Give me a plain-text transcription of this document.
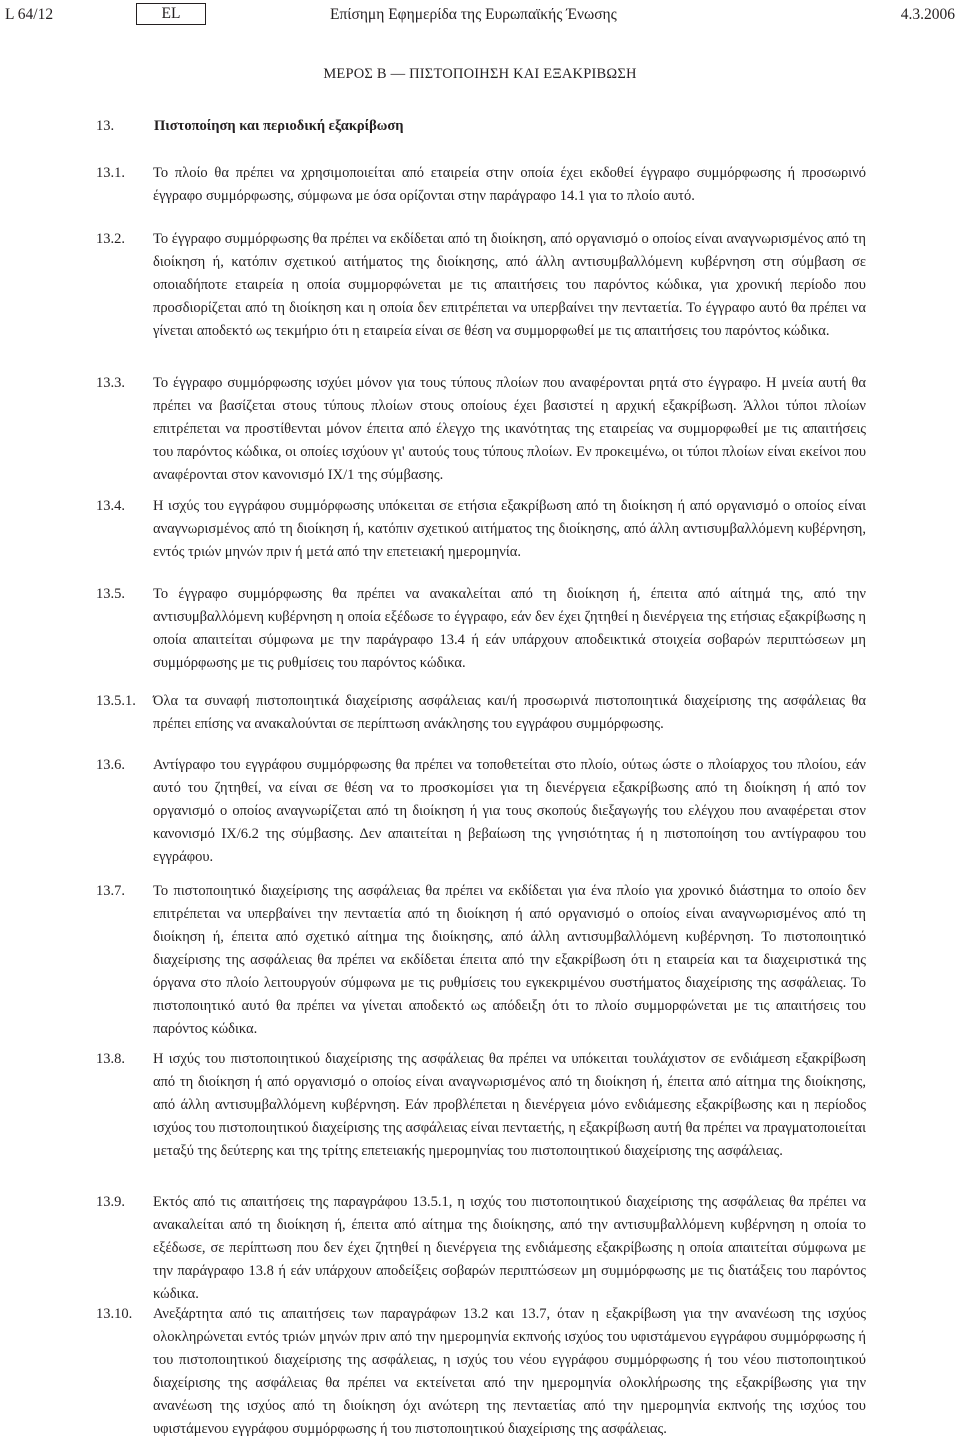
L 64/12	EL	Επίσημη Εφημερίδα της Ευρωπαϊκής Ένωσης	4.3.2006
ΜΕΡΟΣ Β — ΠΙΣΤΟΠΟΙΗΣΗ ΚΑΙ ΕΞΑΚΡΙΒΩΣΗ
13.	Πιστοποίηση και περιοδική εξακρίβωση
13.1. Το πλοίο θα πρέπει να χρησιμοποιείται από εταιρεία στην οποία έχει εκδοθεί έγγραφο συμμόρφωσης ή προσωρινό έγγραφο συμμόρφωσης, σύμφωνα με όσα ορίζονται στην παράγραφο 14.1 για το πλοίο αυτό.
13.2. Το έγγραφο συμμόρφωσης θα πρέπει να εκδίδεται από τη διοίκηση, από οργανισμό ο οποίος είναι αναγνωρισμένος από τη διοίκηση ή, κατόπιν σχετικού αιτήματος της διοίκησης, από άλλη αντισυμβαλλόμενη κυβέρνηση στη σύμβαση σε οποιαδήποτε εταιρεία η οποία συμμορφώνεται με τις απαιτήσεις του παρόντος κώδικα, για χρονική περίοδο που προσδιορίζεται από τη διοίκηση και η οποία δεν επιτρέπεται να υπερβαίνει την πενταετία. Το έγγραφο αυτό θα πρέπει να γίνεται αποδεκτό ως τεκμήριο ότι η εταιρεία είναι σε θέση να συμμορφωθεί με τις απαιτήσεις του παρόντος κώδικα.
13.3. Το έγγραφο συμμόρφωσης ισχύει μόνον για τους τύπους πλοίων που αναφέρονται ρητά στο έγγραφο. Η μνεία αυτή θα πρέπει να βασίζεται στους τύπους πλοίων στους οποίους έχει βασιστεί η αρχική εξακρίβωση. Άλλοι τύποι πλοίων επιτρέπεται να προστίθενται μόνον έπειτα από έλεγχο της ικανότητας της εταιρείας να συμμορφωθεί με τις απαιτήσεις του παρόντος κώδικα, οι οποίες ισχύουν γι' αυτούς τους τύπους πλοίων. Εν προκειμένω, οι τύποι πλοίων είναι εκείνοι που αναφέρονται στον κανονισμό IX/1 της σύμβασης.
13.4. Η ισχύς του εγγράφου συμμόρφωσης υπόκειται σε ετήσια εξακρίβωση από τη διοίκηση ή από οργανισμό ο οποίος είναι αναγνωρισμένος από τη διοίκηση ή, κατόπιν σχετικού αιτήματος της διοίκησης, από άλλη αντισυμβαλλόμενη κυβέρνηση, εντός τριών μηνών πριν ή μετά από την επετειακή ημερομηνία.
13.5. Το έγγραφο συμμόρφωσης θα πρέπει να ανακαλείται από τη διοίκηση ή, έπειτα από αίτημά της, από την αντισυμβαλλόμενη κυβέρνηση η οποία εξέδωσε το έγγραφο, εάν δεν έχει ζητηθεί η διενέργεια της ετήσιας εξακρίβωσης η οποία απαιτείται σύμφωνα με την παράγραφο 13.4 ή εάν υπάρχουν αποδεικτικά στοιχεία σοβαρών περιπτώσεων μη συμμόρφωσης με τις ρυθμίσεις του παρόντος κώδικα.
13.5.1. Όλα τα συναφή πιστοποιητικά διαχείρισης ασφάλειας και/ή προσωρινά πιστοποιητικά διαχείρισης της ασφάλειας θα πρέπει επίσης να ανακαλούνται σε περίπτωση ανάκλησης του εγγράφου συμμόρφωσης.
13.6. Αντίγραφο του εγγράφου συμμόρφωσης θα πρέπει να τοποθετείται στο πλοίο, ούτως ώστε ο πλοίαρχος του πλοίου, εάν αυτό του ζητηθεί, να είναι σε θέση να το προσκομίσει για τη διενέργεια εξακρίβωσης από τη διοίκηση ή από τον οργανισμό ο οποίος αναγνωρίζεται από τη διοίκηση ή για τους σκοπούς διεξαγωγής του ελέγχου που αναφέρεται στον κανονισμό IX/6.2 της σύμβασης. Δεν απαιτείται η βεβαίωση της γνησιότητας ή η πιστοποίηση του αντίγραφου του εγγράφου.
13.7. Το πιστοποιητικό διαχείρισης της ασφάλειας θα πρέπει να εκδίδεται για ένα πλοίο για χρονικό διάστημα το οποίο δεν επιτρέπεται να υπερβαίνει την πενταετία από τη διοίκηση ή από οργανισμό ο οποίος είναι αναγνωρισμένος από τη διοίκηση ή, έπειτα από σχετικό αίτημα της διοίκησης, από άλλη αντισυμβαλλόμενη κυβέρνηση. Το πιστοποιητικό διαχείρισης της ασφάλειας θα πρέπει να εκδίδεται έπειτα από την εξακρίβωση ότι η εταιρεία και τα διαχειριστικά της όργανα στο πλοίο λειτουργούν σύμφωνα με τις ρυθμίσεις του εγκεκριμένου συστήματος διαχείρισης της ασφάλειας. Το πιστοποιητικό αυτό θα πρέπει να γίνεται αποδεκτό ως απόδειξη ότι το πλοίο συμμορφώνεται με τις απαιτήσεις του παρόντος κώδικα.
13.8. Η ισχύς του πιστοποιητικού διαχείρισης της ασφάλειας θα πρέπει να υπόκειται τουλάχιστον σε ενδιάμεση εξακρίβωση από τη διοίκηση ή από οργανισμό ο οποίος είναι αναγνωρισμένος από τη διοίκηση ή, έπειτα από αίτημα της διοίκησης, από άλλη αντισυμβαλλόμενη κυβέρνηση. Εάν προβλέπεται η διενέργεια μόνο ενδιάμεσης εξακρίβωσης και η περίοδος ισχύος του πιστοποιητικού διαχείρισης της ασφάλειας είναι πενταετής, η εξακρίβωση αυτή θα πρέπει να πραγματοποιείται μεταξύ της δεύτερης και της τρίτης επετειακής ημερομηνίας του πιστοποιητικού διαχείρισης της ασφάλειας.
13.9. Εκτός από τις απαιτήσεις της παραγράφου 13.5.1, η ισχύς του πιστοποιητικού διαχείρισης της ασφάλειας θα πρέπει να ανακαλείται από τη διοίκηση ή, έπειτα από αίτημα της διοίκησης, από την αντισυμβαλλόμενη κυβέρνηση η οποία το εξέδωσε, σε περίπτωση που δεν έχει ζητηθεί η διενέργεια της ενδιάμεσης εξακρίβωσης η οποία απαιτείται σύμφωνα με την παράγραφο 13.8 ή εάν υπάρχουν αποδείξεις σοβαρών περιπτώσεων μη συμμόρφωσης με τις διατάξεις του παρόντος κώδικα.
13.10. Ανεξάρτητα από τις απαιτήσεις των παραγράφων 13.2 και 13.7, όταν η εξακρίβωση για την ανανέωση της ισχύος ολοκληρώνεται εντός τριών μηνών πριν από την ημερομηνία εκπνοής ισχύος του υφιστάμενου εγγράφου συμμόρφωσης ή του πιστοποιητικού διαχείρισης της ασφάλειας, η ισχύς του νέου εγγράφου συμμόρφωσης ή του νέου πιστοποιητικού διαχείρισης της ασφάλειας θα πρέπει να εκτείνεται από την ημερομηνία ολοκλήρωσης της εξακρίβωσης για την ανανέωση της ισχύος από τη διοίκηση όχι ανώτερη της πενταετίας από την ημερομηνία εκπνοής της ισχύος του υφιστάμενου εγγράφου συμμόρφωσης ή του πιστοποιητικού διαχείρισης της ασφάλειας.
